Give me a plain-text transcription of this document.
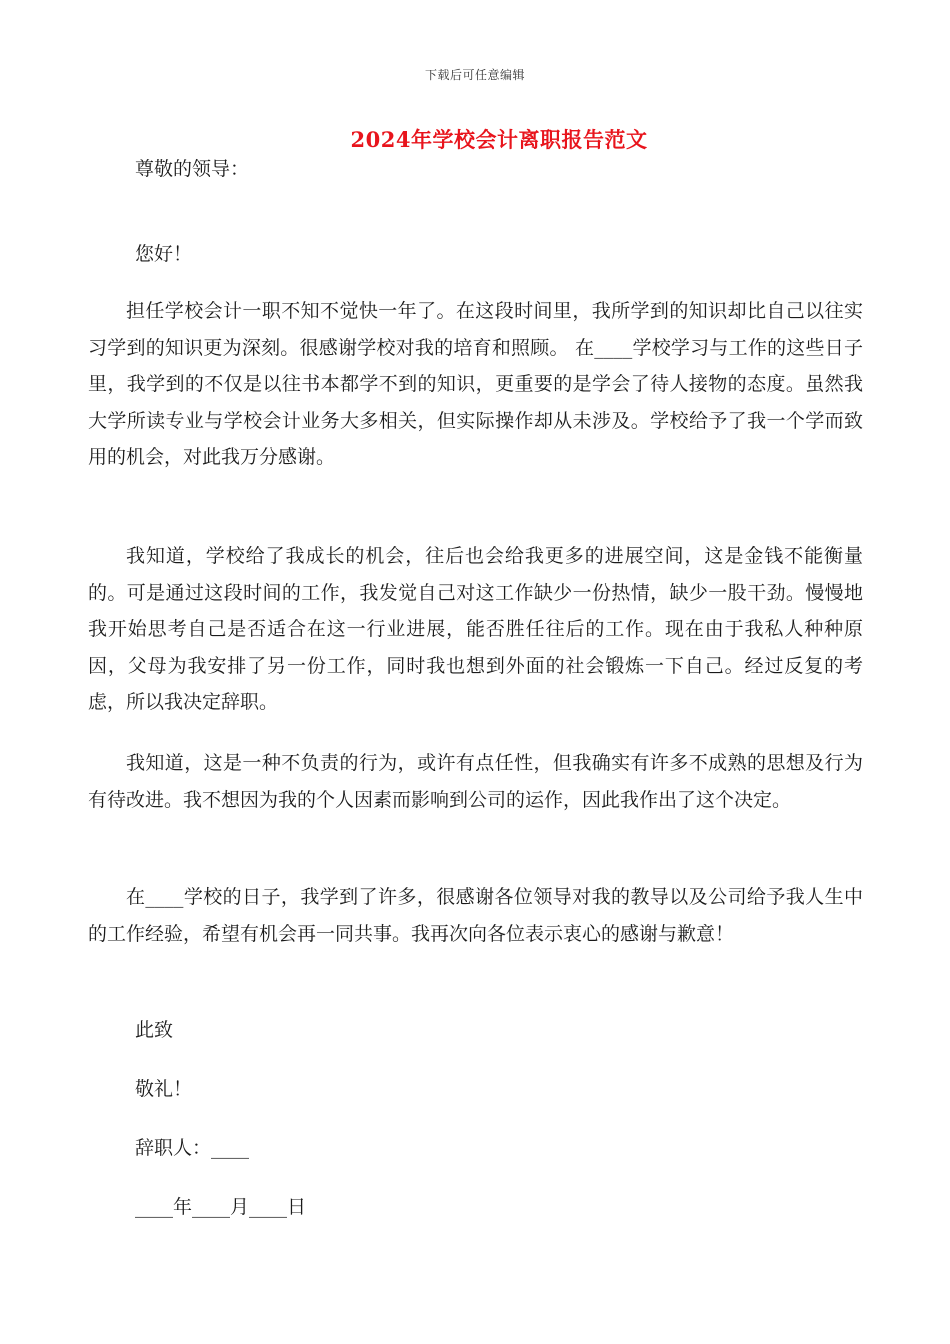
下载后可任意编辑
2024年学校会计离职报告范文
尊敬的领导：
您好！

担任学校会计一职不知不觉快一年了。在这段时间里，我所学到的知识却比自己以往实习学到的知识更为深刻。很感谢学校对我的培育和照顾。 在____学校学习与工作的这些日子里，我学到的不仅是以往书本都学不到的知识，更重要的是学会了待人接物的态度。虽然我大学所读专业与学校会计业务大多相关，但实际操作却从未涉及。学校给予了我一个学而致用的机会，对此我万分感谢。

我知道，学校给了我成长的机会，往后也会给我更多的进展空间，这是金钱不能衡量的。可是通过这段时间的工作，我发觉自己对这工作缺少一份热情，缺少一股干劲。慢慢地我开始思考自己是否适合在这一行业进展，能否胜任往后的工作。现在由于我私人种种原因，父母为我安排了另一份工作，同时我也想到外面的社会锻炼一下自己。经过反复的考虑，所以我决定辞职。

我知道，这是一种不负责的行为，或许有点任性，但我确实有许多不成熟的思想及行为有待改进。我不想因为我的个人因素而影响到公司的运作，因此我作出了这个决定。

在____学校的日子，我学到了许多，很感谢各位领导对我的教导以及公司给予我人生中的工作经验，希望有机会再一同共事。我再次向各位表示衷心的感谢与歉意！

此致
敬礼！
辞职人：____
____年____月____日
